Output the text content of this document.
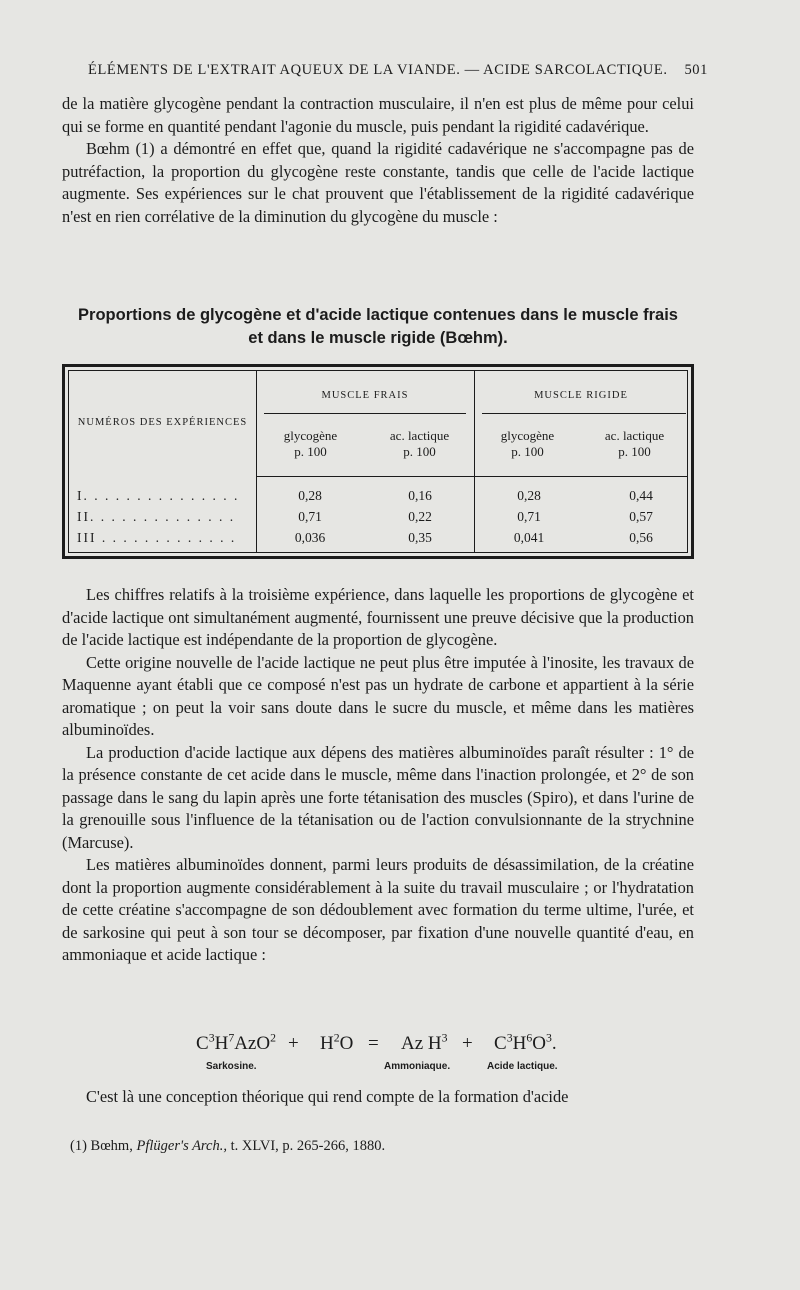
ÉLÉMENTS DE L'EXTRAIT AQUEUX DE LA VIANDE. — ACIDE SARCOLACTIQUE. 501

de la matière glycogène pendant la contraction musculaire, il n'en est plus de même pour celui qui se forme en quantité pendant l'agonie du muscle, puis pendant la rigidité cadavérique.

Bœhm (1) a démontré en effet que, quand la rigidité cadavérique ne s'accompagne pas de putréfaction, la proportion du glycogène reste constante, tandis que celle de l'acide lactique augmente. Ses expériences sur le chat prouvent que l'établissement de la rigidité cadavérique n'est en rien corrélative de la diminution du glycogène du muscle :

Proportions de glycogène et d'acide lactique contenues dans le muscle frais
et dans le muscle rigide (Bœhm).
NUMÉROS DES EXPÉRIENCES
MUSCLE FRAIS	MUSCLE RIGIDE
glycogène
p. 100
ac. lactique
p. 100
glycogène
p. 100
ac. lactique
p. 100
I. . . . . . . . . . . . . . .	0,28	0,16	0,28	0,44
II. . . . . . . . . . . . . .	0,71	0,22	0,71	0,57
III . . . . . . . . . . . . .	0,036	0,35	0,041	0,56

Les chiffres relatifs à la troisième expérience, dans laquelle les proportions de glycogène et d'acide lactique ont simultanément augmenté, fournissent une preuve décisive que la production de l'acide lactique est indépendante de la proportion de glycogène.

Cette origine nouvelle de l'acide lactique ne peut plus être imputée à l'inosite, les travaux de Maquenne ayant établi que ce composé n'est pas un hydrate de carbone et appartient à la série aromatique ; on peut la voir sans doute dans le sucre du muscle, et même dans les matières albuminoïdes.

La production d'acide lactique aux dépens des matières albuminoïdes paraît résulter : 1° de la présence constante de cet acide dans le muscle, même dans l'inaction prolongée, et 2° de son passage dans le sang du lapin après une forte tétanisation des muscles (Spiro), et dans l'urine de la grenouille sous l'influence de la tétanisation ou de l'action convulsionnante de la strychnine (Marcuse).

Les matières albuminoïdes donnent, parmi leurs produits de désassimilation, de la créatine dont la proportion augmente considérablement à la suite du travail musculaire ; or l'hydratation de cette créatine s'accompagne de son dédoublement avec formation du terme ultime, l'urée, et de sarkosine qui peut à son tour se décomposer, par fixation d'une nouvelle quantité d'eau, en ammoniaque et acide lactique :

$C^3H^7AzO^2 + H^2O = Az$ $H^3 + C^3H^6O^3$.
Sarkosine.	Ammoniaque.	Acide lactique.

C'est là une conception théorique qui rend compte de la formation d'acide

(1) Bœhm, Pflüger's Arch., t. XLVI, p. 265-266, 1880.
